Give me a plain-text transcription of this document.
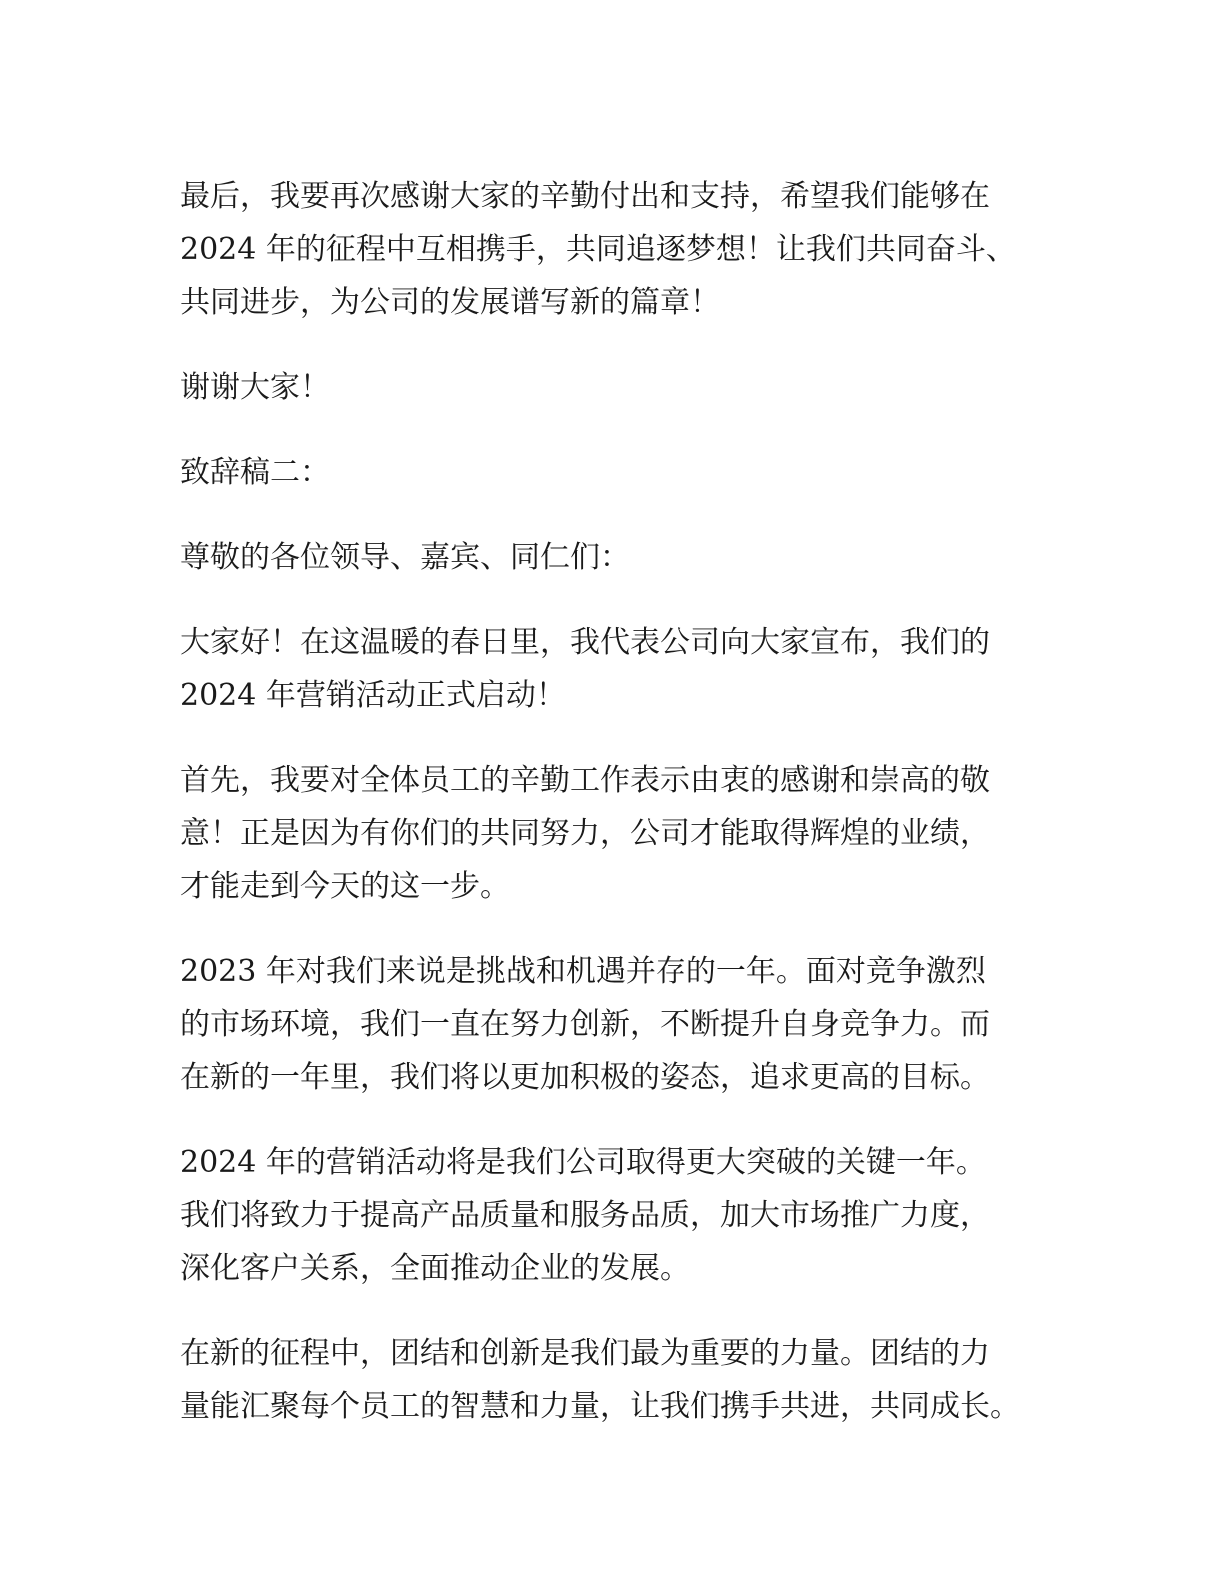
最后，我要再次感谢大家的辛勤付出和支持，希望我们能够在
2024 年的征程中互相携手，共同追逐梦想！让我们共同奋斗、
共同进步，为公司的发展谱写新的篇章！

谢谢大家！

致辞稿二：

尊敬的各位领导、嘉宾、同仁们：

大家好！在这温暖的春日里，我代表公司向大家宣布，我们的
2024 年营销活动正式启动！

首先，我要对全体员工的辛勤工作表示由衷的感谢和崇高的敬
意！正是因为有你们的共同努力，公司才能取得辉煌的业绩，
才能走到今天的这一步。

2023 年对我们来说是挑战和机遇并存的一年。面对竞争激烈
的市场环境，我们一直在努力创新，不断提升自身竞争力。而
在新的一年里，我们将以更加积极的姿态，追求更高的目标。

2024 年的营销活动将是我们公司取得更大突破的关键一年。
我们将致力于提高产品质量和服务品质，加大市场推广力度，
深化客户关系，全面推动企业的发展。

在新的征程中，团结和创新是我们最为重要的力量。团结的力
量能汇聚每个员工的智慧和力量，让我们携手共进，共同成长。
